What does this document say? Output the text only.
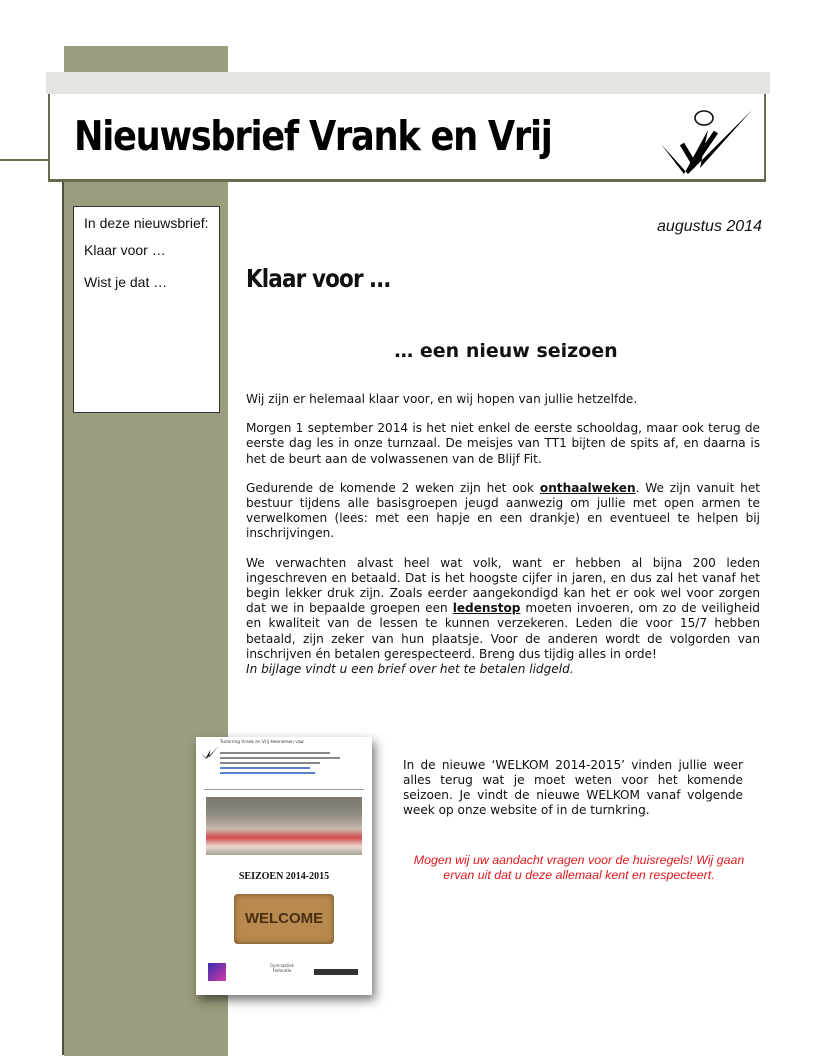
Nieuwsbrief Vrank en Vrij

In deze nieuwsbrief:

Klaar voor …

Wist je dat …

augustus 2014
Klaar voor …
… een nieuw seizoen

Wij zijn er helemaal klaar voor, en wij hopen van jullie hetzelfde.

Morgen 1 september 2014 is het niet enkel de eerste schooldag, maar ook terug de eerste dag les in onze turnzaal. De meisjes van TT1 bijten de spits af, en daarna is het de beurt aan de volwassenen van de Blijf Fit.

Gedurende de komende 2 weken zijn het ook onthaalweken. We zijn vanuit het bestuur tijdens alle basisgroepen jeugd aanwezig om jullie met open armen te verwelkomen (lees: met een hapje en een drankje) en eventueel te helpen bij inschrijvingen.

We verwachten alvast heel wat volk, want er hebben al bijna 200 leden ingeschreven en betaald. Dat is het hoogste cijfer in jaren, en dus zal het vanaf het begin lekker druk zijn. Zoals eerder aangekondigd kan het er ook wel voor zorgen dat we in bepaalde groepen een ledenstop moeten invoeren, om zo de veiligheid en kwaliteit van de lessen te kunnen verzekeren. Leden die voor 15/7 hebben betaald, zijn zeker van hun plaatsje. Voor de anderen wordt de volgorden van inschrijven én betalen gerespecteerd. Breng dus tijdig alles in orde!
In bijlage vindt u een brief over het te betalen lidgeld.

Turnkring Vrank en Vrij Heenemen vzw
SEIZOEN 2014-2015
WELCOME
Gymnastiek Federatie
In de nieuwe ‘WELKOM 2014-2015’ vinden jullie weer alles terug wat je moet weten voor het komende seizoen. Je vindt de nieuwe WELKOM vanaf volgende week op onze website of in de turnkring.
Mogen wij uw aandacht vragen voor de huisregels! Wij gaan ervan uit dat u deze allemaal kent en respecteert.
